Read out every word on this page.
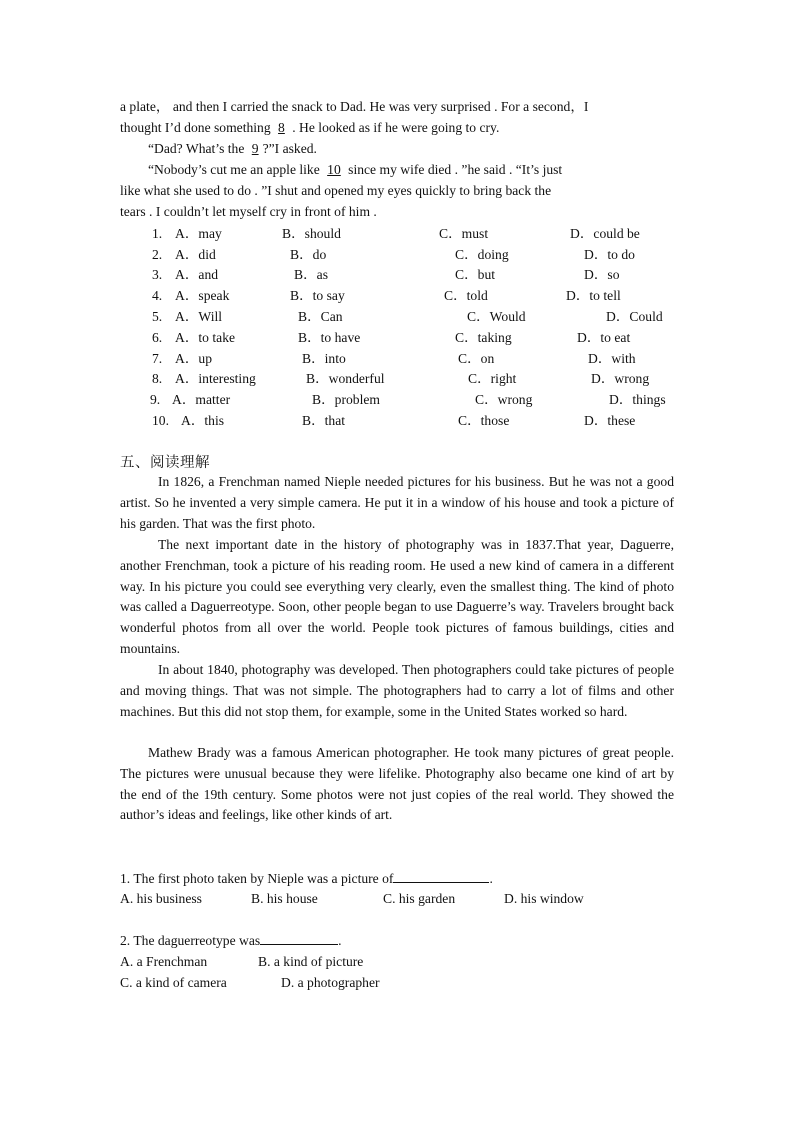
a plate， and then I carried the snack to Dad. He was very surprised . For a second，I

thought I’d done something 8 . He looked as if he were going to cry.

“Dad? What’s the 9 ?”I asked.

“Nobody’s cut me an apple like 10 since my wife died . ”he said . “It’s just

like what she used to do . ”I shut and opened my eyes quickly to bring back the

tears . I couldn’t let myself cry in front of him .

1. A．may	B．should	C．must	D．could be
2. A．did	B．do	C．doing	D．to do
3. A．and	B．as	C．but	D．so
4. A．speak	B．to say	C．told	D．to tell
5. A．Will	B．Can	C．Would	D．Could
6. A．to take	B．to have	C．taking	D．to eat
7. A．up	B．into	C．on	D．with
8. A．interesting	B．wonderful	C．right	D．wrong
9. A．matter	B．problem	C．wrong	D．things
10. A．this	B．that	C．those	D．these
五、阅读理解

In 1826, a Frenchman named Nieple needed pictures for his business. But he was not a good artist. So he invented a very simple camera. He put it in a window of his house and took a picture of his garden. That was the first photo.

The next important date in the history of photography was in 1837.That year, Daguerre, another Frenchman, took a picture of his reading room. He used a new kind of camera in a different way. In his picture you could see everything very clearly, even the smallest thing. The kind of photo was called a Daguerreotype. Soon, other people began to use Daguerre’s way. Travelers brought back wonderful photos from all over the world. People took pictures of famous buildings, cities and mountains.

In about 1840, photography was developed. Then photographers could take pictures of people and moving things. That was not simple. The photographers had to carry a lot of films and other machines. But this did not stop them, for example, some in the United States worked so hard.

Mathew Brady was a famous American photographer. He took many pictures of great people. The pictures were unusual because they were lifelike. Photography also became one kind of art by the end of the 19th century. Some photos were not just copies of the real world. They showed the author’s ideas and feelings, like other kinds of art.

1. The first photo taken by Nieple was a picture of	.
A. his business	B. his house	C. his garden	D. his window
2. The daguerreotype was	.
A. a Frenchman	B. a kind of picture
C. a kind of camera	D. a photographer
